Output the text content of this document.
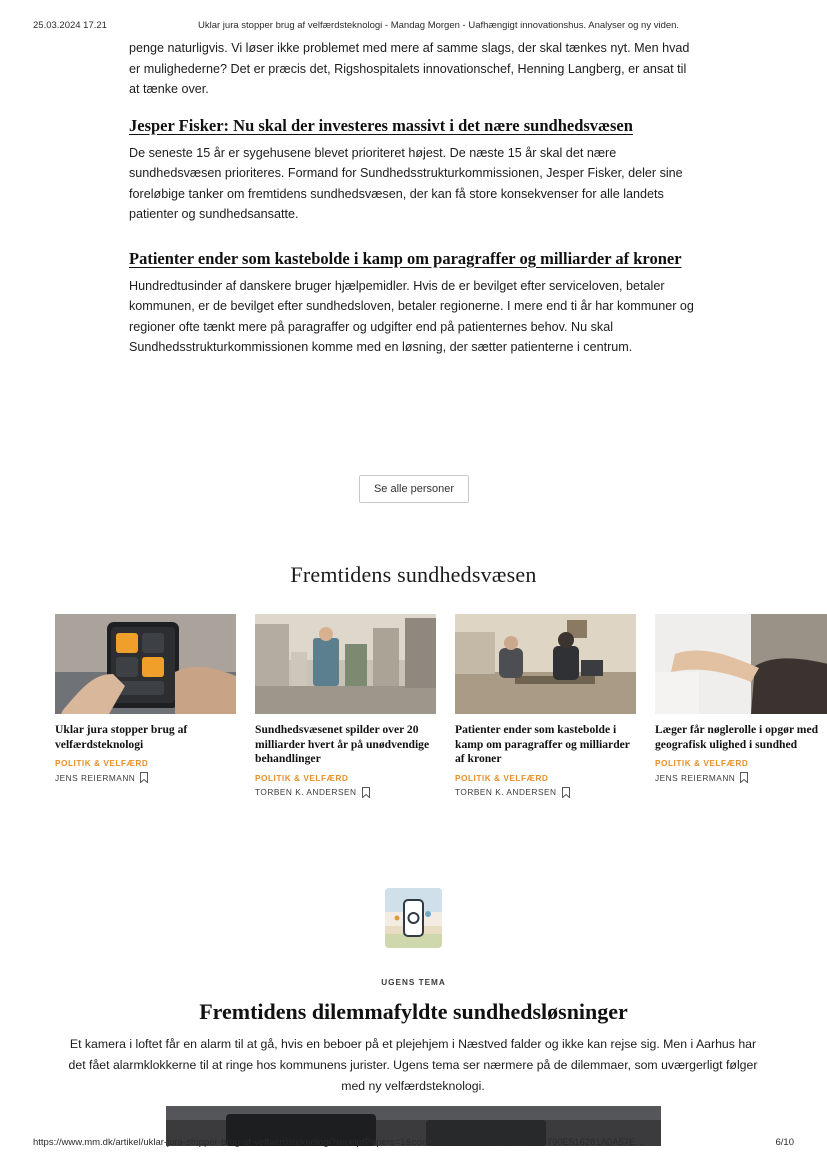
25.03.2024 17.21	Uklar jura stopper brug af velfærdsteknologi - Mandag Morgen - Uafhængigt innovationshus. Analyser og ny viden.

penge naturligvis. Vi løser ikke problemet med mere af samme slags, der skal tænkes nyt. Men hvad er mulighederne? Det er præcis det, Rigshospitalets innovationschef, Henning Langberg, er ansat til at tænke over.

Jesper Fisker: Nu skal der investeres massivt i det nære sundhedsvæsen

De seneste 15 år er sygehusene blevet prioriteret højest. De næste 15 år skal det nære sundhedsvæsen prioriteres. Formand for Sundhedsstrukturkommissionen, Jesper Fisker, deler sine foreløbige tanker om fremtidens sundhedsvæsen, der kan få store konsekvenser for alle landets patienter og sundhedsansatte.

Patienter ender som kastebolde i kamp om paragraffer og milliarder af kroner

Hundredtusinder af danskere bruger hjælpemidler. Hvis de er bevilget efter serviceloven, betaler kommunen, er de bevilget efter sundhedsloven, betaler regionerne. I mere end ti år har kommuner og regioner ofte tænkt mere på paragraffer og udgifter end på patienternes behov. Nu skal Sundhedsstrukturkommissionen komme med en løsning, der sætter patienterne i centrum.

Se alle personer
Fremtidens sundhedsvæsen
Uklar jura stopper brug af velfærdsteknologi
POLITIK & VELFÆRD
JENS REIERMANN
Sundhedsvæsenet spilder over 20 milliarder hvert år på unødvendige behandlinger
POLITIK & VELFÆRD
TORBEN K. ANDERSEN
Patienter ender som kastebolde i kamp om paragraffer og milliarder af kroner
POLITIK & VELFÆRD
TORBEN K. ANDERSEN
Læger får nøglerolle i opgør med geografisk ulighed i sundhed
POLITIK & VELFÆRD
JENS REIERMANN
UGENS TEMA
Fremtidens dilemmafyldte sundhedsløsninger
Et kamera i loftet får en alarm til at gå, hvis en beboer på et plejehjem i Næstved falder og ikke kan rejse sig. Men i Aarhus har det fået alarmklokkerne til at ringe hos kommunens jurister. Ugens tema ser nærmere på de dilemmaer, som uværgerligt følger med ny velfærdsteknologi.
https://www.mm.dk/artikel/uklar-jura-stopper-brug-af-velfaerdsteknologi?receiptPapers=1&confirmemailtoken=C5A1E6B29790E516281A0A57E…	6/10
